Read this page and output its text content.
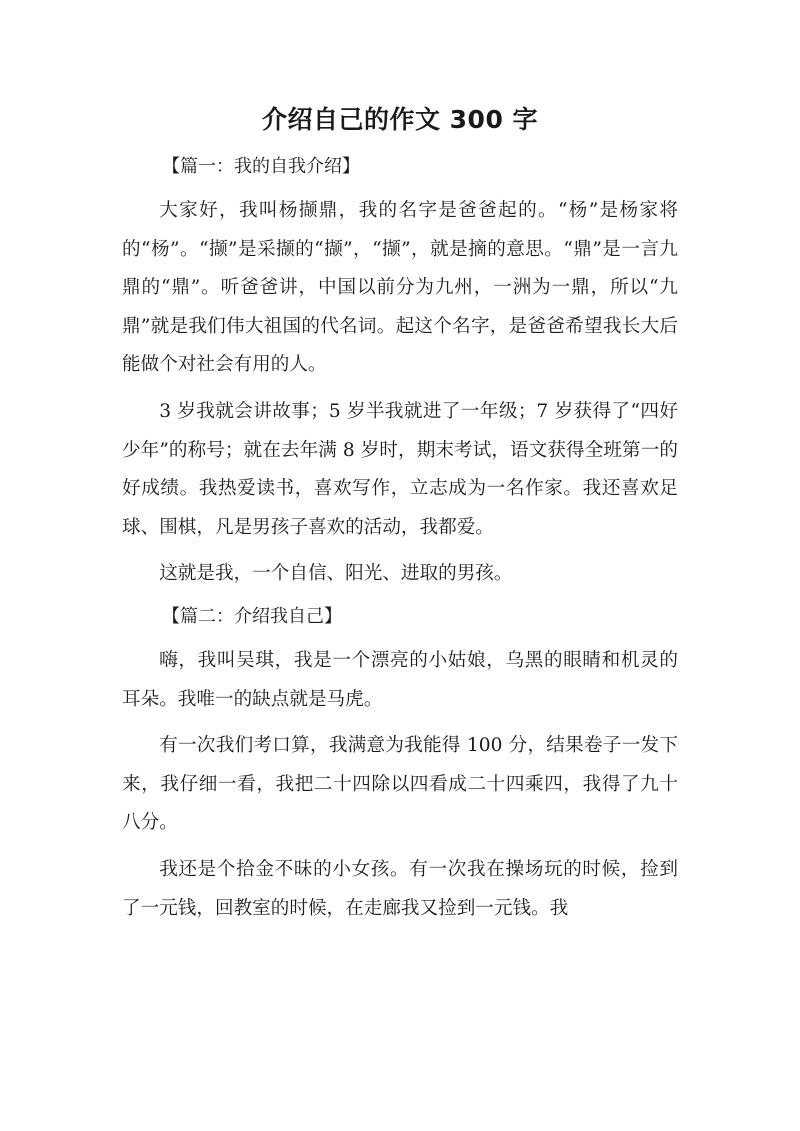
介绍自己的作文 300 字
【篇一：我的自我介绍】

大家好，我叫杨撷鼎，我的名字是爸爸起的。“杨”是杨家将的“杨”。“撷”是采撷的“撷”，“撷”，就是摘的意思。“鼎”是一言九鼎的“鼎”。听爸爸讲，中国以前分为九州，一洲为一鼎，所以“九鼎”就是我们伟大祖国的代名词。起这个名字，是爸爸希望我长大后能做个对社会有用的人。

3 岁我就会讲故事；5 岁半我就进了一年级；7 岁获得了“四好少年”的称号；就在去年满 8 岁时，期末考试，语文获得全班第一的好成绩。我热爱读书，喜欢写作，立志成为一名作家。我还喜欢足球、围棋，凡是男孩子喜欢的活动，我都爱。

这就是我，一个自信、阳光、进取的男孩。

【篇二：介绍我自己】

嗨，我叫吴琪，我是一个漂亮的小姑娘，乌黑的眼睛和机灵的耳朵。我唯一的缺点就是马虎。

有一次我们考口算，我满意为我能得 100 分，结果卷子一发下来，我仔细一看，我把二十四除以四看成二十四乘四，我得了九十八分。

我还是个拾金不昧的小女孩。有一次我在操场玩的时候，捡到了一元钱，回教室的时候，在走廊我又捡到一元钱。我
